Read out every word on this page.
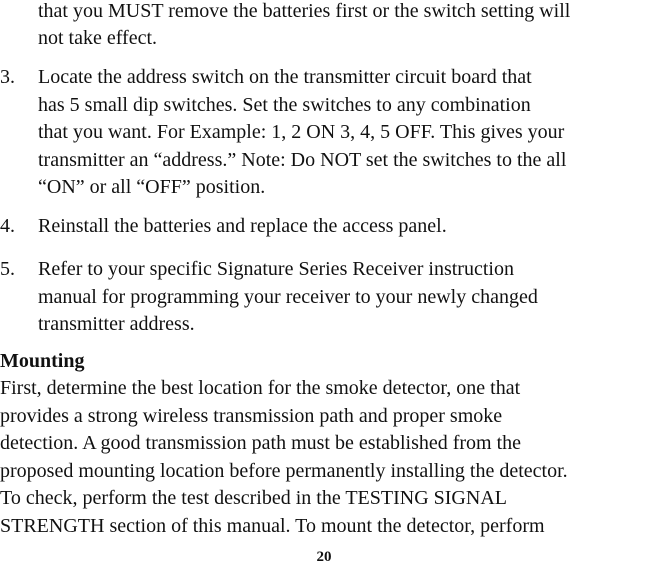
that you MUST remove the batteries first or the switch setting will
not take effect.
3. Locate the address switch on the transmitter circuit board that
has 5 small dip switches. Set the switches to any combination
that you want. For Example: 1, 2 ON 3, 4, 5 OFF. This gives your
transmitter an “address.” Note: Do NOT set the switches to the all
“ON” or all “OFF” position.
4. Reinstall the batteries and replace the access panel.
5. Refer to your specific Signature Series Receiver instruction
manual for programming your receiver to your newly changed
transmitter address.
Mounting
First, determine the best location for the smoke detector, one that
provides a strong wireless transmission path and proper smoke
detection. A good transmission path must be established from the
proposed mounting location before permanently installing the detector.
To check, perform the test described in the TESTING SIGNAL
STRENGTH section of this manual. To mount the detector, perform
20
